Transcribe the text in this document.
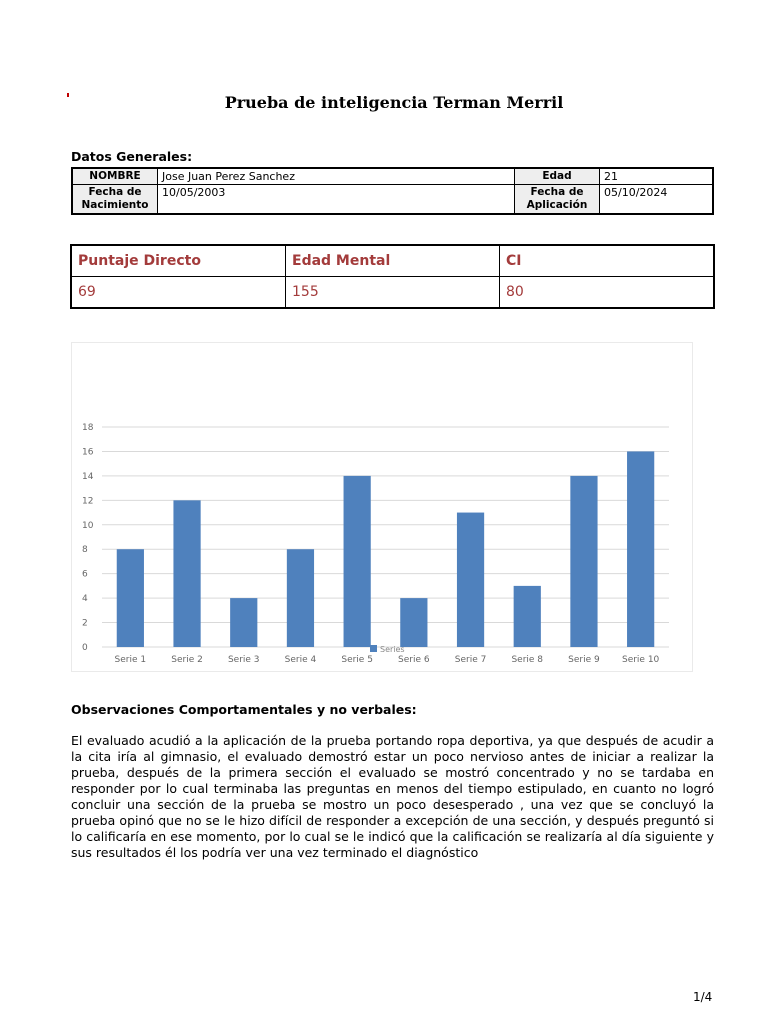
Prueba de inteligencia Terman Merril
Datos Generales:
NOMBRE	Jose Juan Perez Sanchez	Edad	21
Fecha de Nacimiento	10/05/2003	Fecha de Aplicación	05/10/2024
Puntaje Directo	Edad Mental	CI
69	155	80
0
2
4
6
8
10
12
14
16
18
Serie 1	Serie 2	Serie 3	Serie 4	Serie 5	Serie 6	Serie 7	Serie 8	Serie 9 Serie 10
Series
Observaciones Comportamentales y no verbales:
El evaluado acudió a la aplicación de la prueba portando ropa deportiva, ya que después de acudir a la cita iría al gimnasio, el evaluado demostró estar un poco nervioso antes de iniciar a realizar la prueba, después de la primera sección el evaluado se mostró concentrado y no se tardaba en responder por lo cual terminaba las preguntas en menos del tiempo estipulado, en cuanto no logró concluir una sección de la prueba se mostro un poco desesperado , una vez que se concluyó la prueba opinó que no se le hizo difícil de responder a excepción de una sección, y después preguntó si lo calificaría en ese momento, por lo cual se le indicó que la calificación se realizaría al día siguiente y sus resultados él los podría ver una vez terminado el diagnóstico
1/4
